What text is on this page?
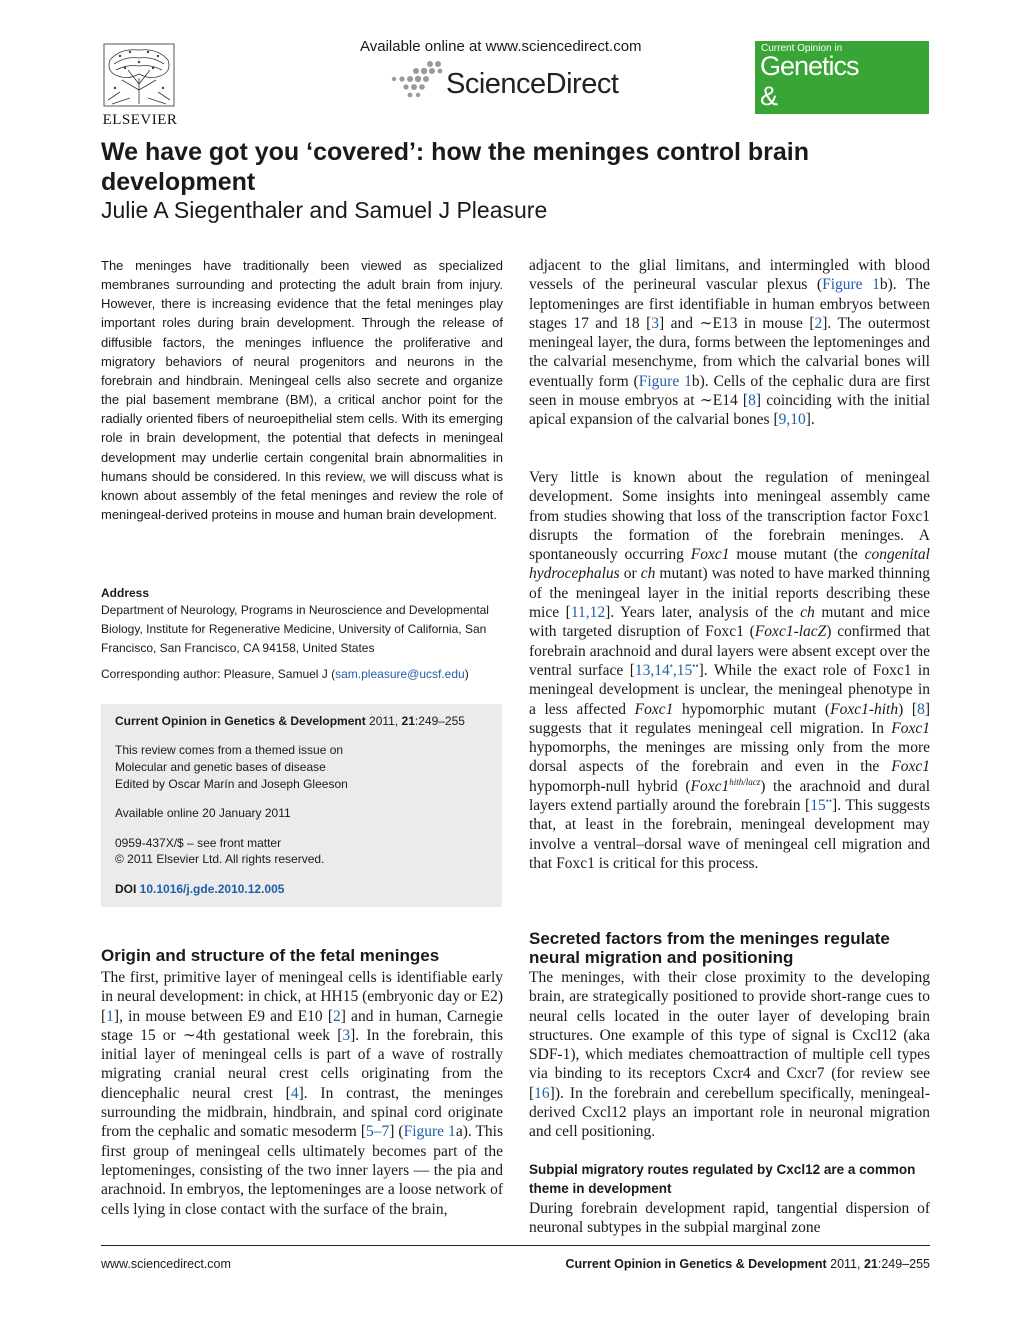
ELSEVIER
Available online at www.sciencedirect.com
ScienceDirect
Current Opinion in
Genetics
& Development
We have got you ‘covered’: how the meninges control brain development
Julie A Siegenthaler and Samuel J Pleasure

The meninges have traditionally been viewed as specialized membranes surrounding and protecting the adult brain from injury. However, there is increasing evidence that the fetal meninges play important roles during brain development. Through the release of diffusible factors, the meninges influence the proliferative and migratory behaviors of neural progenitors and neurons in the forebrain and hindbrain. Meningeal cells also secrete and organize the pial basement membrane (BM), a critical anchor point for the radially oriented fibers of neuroepithelial stem cells. With its emerging role in brain development, the potential that defects in meningeal development may underlie certain congenital brain abnormalities in humans should be considered. In this review, we will discuss what is known about assembly of the fetal meninges and review the role of meningeal-derived proteins in mouse and human brain development.

Address
Department of Neurology, Programs in Neuroscience and Developmental Biology, Institute for Regenerative Medicine, University of California, San Francisco, San Francisco, CA 94158, United States
Corresponding author: Pleasure, Samuel J (sam.pleasure@ucsf.edu)
Current Opinion in Genetics & Development 2011, 21:249–255
This review comes from a themed issue on
Molecular and genetic bases of disease
Edited by Oscar Marín and Joseph Gleeson
Available online 20 January 2011
0959-437X/$ – see front matter
© 2011 Elsevier Ltd. All rights reserved.
DOI 10.1016/j.gde.2010.12.005
Origin and structure of the fetal meninges

The first, primitive layer of meningeal cells is identifiable early in neural development: in chick, at HH15 (embryonic day or E2) [1], in mouse between E9 and E10 [2] and in human, Carnegie stage 15 or ∼4th gestational week [3]. In the forebrain, this initial layer of meningeal cells is part of a wave of rostrally migrating cranial neural crest cells originating from the diencephalic neural crest [4]. In contrast, the meninges surrounding the midbrain, hindbrain, and spinal cord originate from the cephalic and somatic mesoderm [5–7] (Figure 1a). This first group of meningeal cells ultimately becomes part of the leptomeninges, consisting of the two inner layers — the pia and arachnoid. In embryos, the leptomeninges are a loose network of cells lying in close contact with the surface of the brain,

adjacent to the glial limitans, and intermingled with blood vessels of the perineural vascular plexus (Figure 1b). The leptomeninges are first identifiable in human embryos between stages 17 and 18 [3] and ∼E13 in mouse [2]. The outermost meningeal layer, the dura, forms between the leptomeninges and the calvarial mesenchyme, from which the calvarial bones will eventually form (Figure 1b). Cells of the cephalic dura are first seen in mouse embryos at ∼E14 [8] coinciding with the initial apical expansion of the calvarial bones [9,10].

Very little is known about the regulation of meningeal development. Some insights into meningeal assembly came from studies showing that loss of the transcription factor Foxc1 disrupts the formation of the forebrain meninges. A spontaneously occurring Foxc1 mouse mutant (the congenital hydrocephalus or ch mutant) was noted to have marked thinning of the meningeal layer in the initial reports describing these mice [11,12]. Years later, analysis of the ch mutant and mice with targeted disruption of Foxc1 (Foxc1-lacZ) confirmed that forebrain arachnoid and dural layers were absent except over the ventral surface [13,14•,15••]. While the exact role of Foxc1 in meningeal development is unclear, the meningeal phenotype in a less affected Foxc1 hypomorphic mutant (Foxc1-hith) [8] suggests that it regulates meningeal cell migration. In Foxc1 hypomorphs, the meninges are missing only from the more dorsal aspects of the forebrain and even in the Foxc1 hypomorph-null hybrid $(Foxc1^{hith/lacz})$ the arachnoid and dural layers extend partially around the forebrain [15••]. This suggests that, at least in the forebrain, meningeal development may involve a ventral–dorsal wave of meningeal cell migration and that Foxc1 is critical for this process.

Secreted factors from the meninges regulate neural migration and positioning

The meninges, with their close proximity to the developing brain, are strategically positioned to provide short-range cues to neural cells located in the outer layer of developing brain structures. One example of this type of signal is Cxcl12 (aka SDF-1), which mediates chemoattraction of multiple cell types via binding to its receptors Cxcr4 and Cxcr7 (for review see [16]). In the forebrain and cerebellum specifically, meningeal-derived Cxcl12 plays an important role in neuronal migration and cell positioning.

Subpial migratory routes regulated by Cxcl12 are a common theme in development

During forebrain development rapid, tangential dispersion of neuronal subtypes in the subpial marginal zone

www.sciencedirect.com	Current Opinion in Genetics & Development 2011, 21:249–255
